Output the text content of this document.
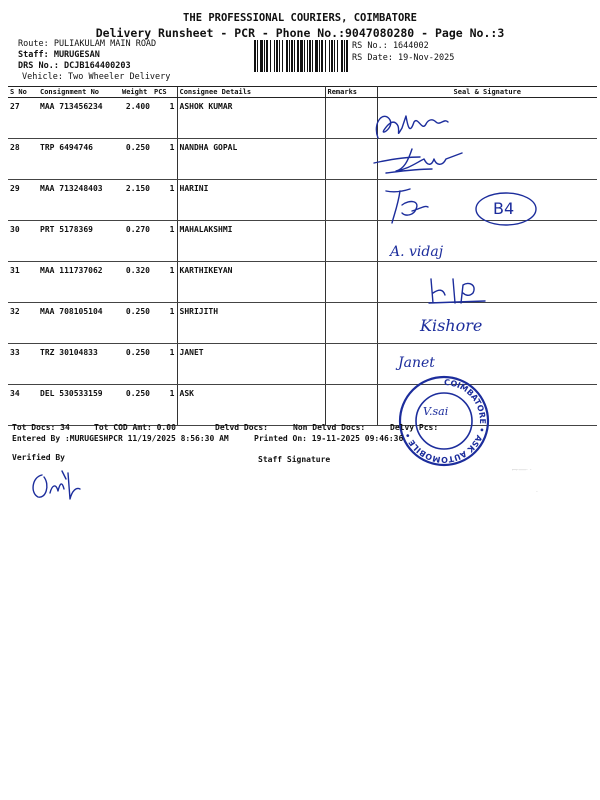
THE PROFESSIONAL COURIERS, COIMBATORE
Delivery Runsheet - PCR - Phone No.:9047080280 - Page No.:3
Route: PULIAKULAM MAIN ROAD
Staff: MURUGESAN
DRS No.: DCJB164400203
Vehicle: Two Wheeler Delivery
RS No.: 1644002
RS Date: 19-Nov-2025
S No	Consignment No	Weight	PCS	Consignee Details	Remarks	Seal & Signature
27	MAA 713456234	2.400	1	ASHOK KUMAR		
28	TRP 6494746	0.250	1	NANDHA GOPAL		
29	MAA 713248403	2.150	1	HARINI		
30	PRT 5178369	0.270	1	MAHALAKSHMI		
31	MAA 111737062	0.320	1	KARTHIKEYAN		
32	MAA 708105104	0.250	1	SHRIJITH		
33	TRZ 30104833	0.250	1	JANET		
34	DEL 530533159	0.250	1	ASK		
B4
A. vidaj
Kishore
Janet
COIMBATORE • ASK AUTOMOBILE •
V.sai
Tot Docs: 34	Tot COD Amt: 0.00	Delvd Docs:	Non Delvd Docs:	Delvy Pcs:
Entered By :MURUGESHPCR 11/19/2025 8:56:30 AM	Printed On: 19-11-2025 09:46:36
Verified By	Staff Signature
ꟷ·──· ·
·
